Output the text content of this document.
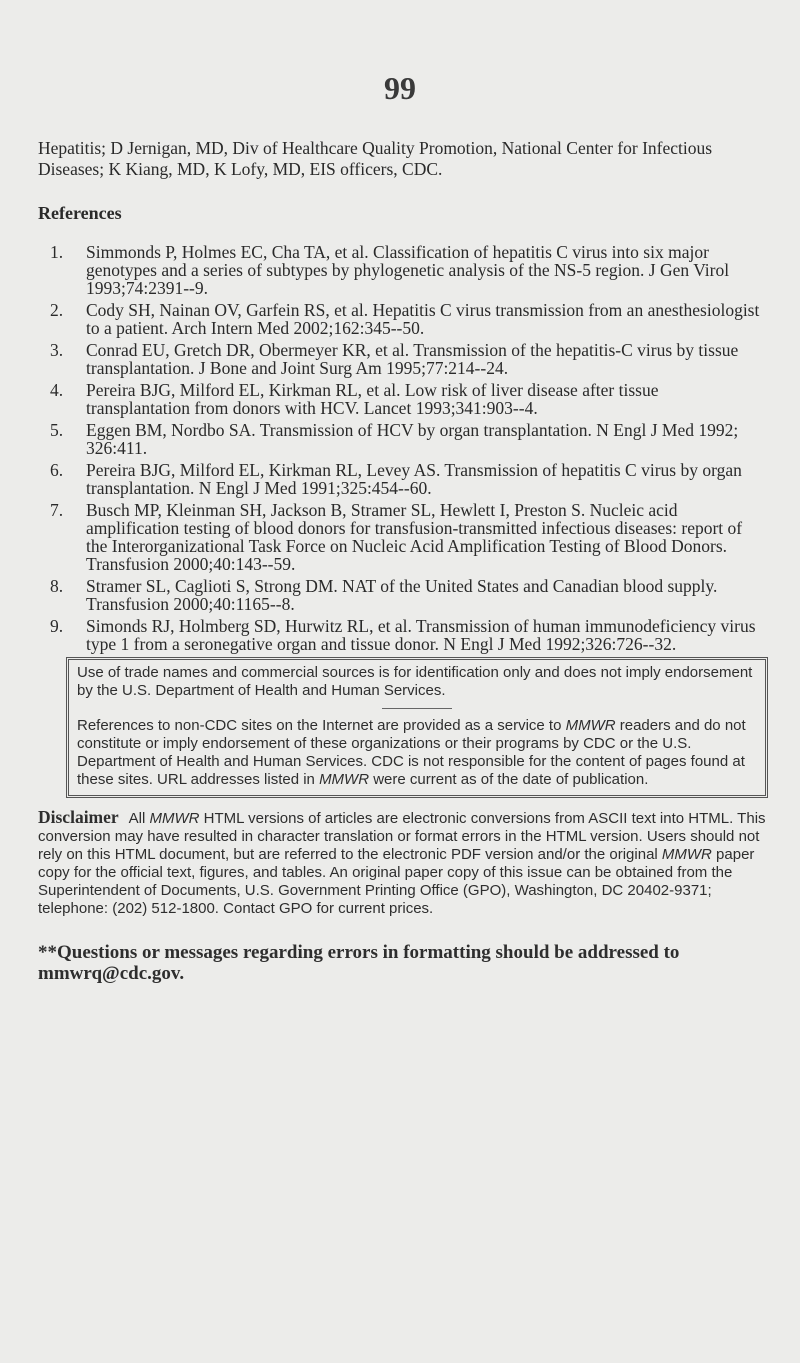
99
Hepatitis; D Jernigan, MD, Div of Healthcare Quality Promotion, National Center for Infectious Diseases; K Kiang, MD, K Lofy, MD, EIS officers, CDC.
References
1.	Simmonds P, Holmes EC, Cha TA, et al. Classification of hepatitis C virus into six major genotypes and a series of subtypes by phylogenetic analysis of the NS-5 region. J Gen Virol 1993;74:2391--9.
2.	Cody SH, Nainan OV, Garfein RS, et al. Hepatitis C virus transmission from an anesthesiologist to a patient. Arch Intern Med 2002;162:345--50.
3.	Conrad EU, Gretch DR, Obermeyer KR, et al. Transmission of the hepatitis-C virus by tissue transplantation. J Bone and Joint Surg Am 1995;77:214--24.
4.	Pereira BJG, Milford EL, Kirkman RL, et al. Low risk of liver disease after tissue transplantation from donors with HCV. Lancet 1993;341:903--4.
5.	Eggen BM, Nordbo SA. Transmission of HCV by organ transplantation. N Engl J Med 1992; 326:411.
6.	Pereira BJG, Milford EL, Kirkman RL, Levey AS. Transmission of hepatitis C virus by organ transplantation. N Engl J Med 1991;325:454--60.
7.	Busch MP, Kleinman SH, Jackson B, Stramer SL, Hewlett I, Preston S. Nucleic acid amplification testing of blood donors for transfusion-transmitted infectious diseases: report of the Interorganizational Task Force on Nucleic Acid Amplification Testing of Blood Donors. Transfusion 2000;40:143--59.
8.	Stramer SL, Caglioti S, Strong DM. NAT of the United States and Canadian blood supply. Transfusion 2000;40:1165--8.
9.	Simonds RJ, Holmberg SD, Hurwitz RL, et al. Transmission of human immunodeficiency virus type 1 from a seronegative organ and tissue donor. N Engl J Med 1992;326:726--32.

Use of trade names and commercial sources is for identification only and does not imply endorsement by the U.S. Department of Health and Human Services.

References to non-CDC sites on the Internet are provided as a service to MMWR readers and do not constitute or imply endorsement of these organizations or their programs by CDC or the U.S. Department of Health and Human Services. CDC is not responsible for the content of pages found at these sites. URL addresses listed in MMWR were current as of the date of publication.

Disclaimer All MMWR HTML versions of articles are electronic conversions from ASCII text into HTML. This conversion may have resulted in character translation or format errors in the HTML version. Users should not rely on this HTML document, but are referred to the electronic PDF version and/or the original MMWR paper copy for the official text, figures, and tables. An original paper copy of this issue can be obtained from the Superintendent of Documents, U.S. Government Printing Office (GPO), Washington, DC 20402-9371; telephone: (202) 512-1800. Contact GPO for current prices.
**Questions or messages regarding errors in formatting should be addressed to mmwrq@cdc.gov.
